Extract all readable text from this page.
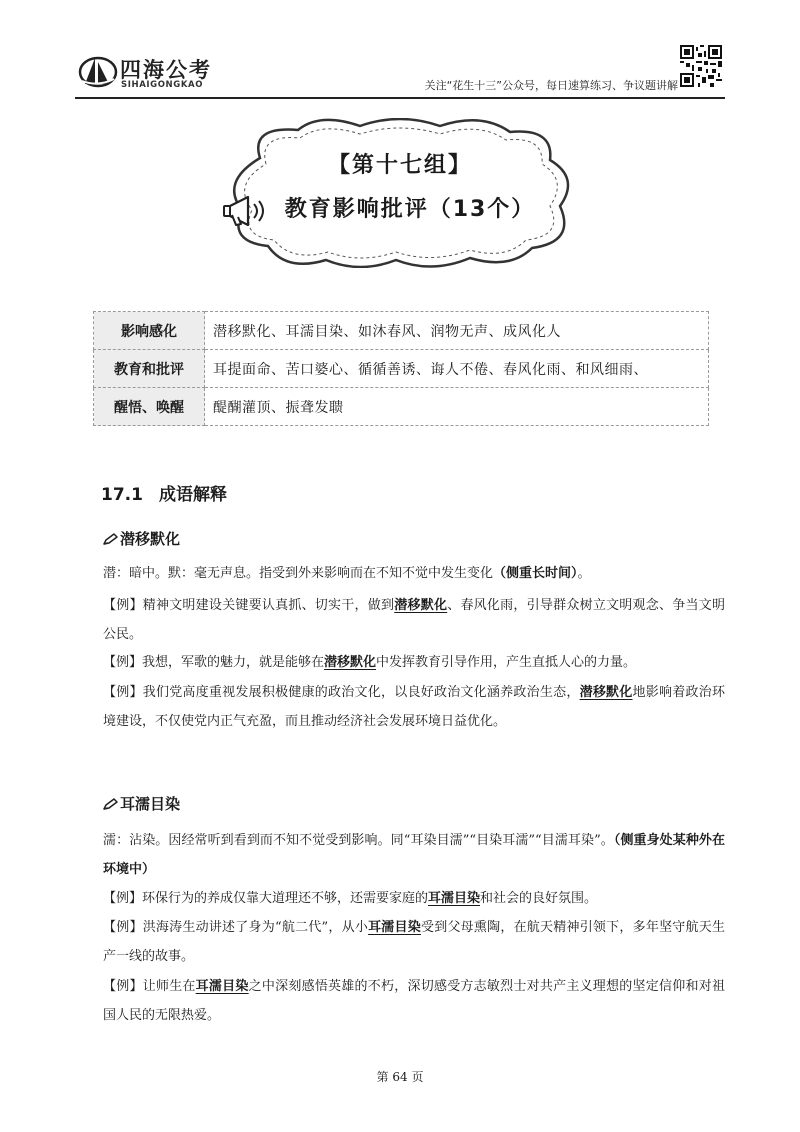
四海公考
SIHAIGONGKAO	关注“花生十三”公众号，每日速算练习、争议题讲解
【第十七组】
教育影响批评（13个）
影响感化	潜移默化、耳濡目染、如沐春风、润物无声、成风化人
教育和批评	耳提面命、苦口婆心、循循善诱、诲人不倦、春风化雨、和风细雨、
醒悟、唤醒	醍醐灌顶、振聋发聩
17.1 成语解释
潜移默化
潜：暗中。默：毫无声息。指受到外来影响而在不知不觉中发生变化（侧重长时间）。
【例】精神文明建设关键要认真抓、切实干，做到潜移默化、春风化雨，引导群众树立文明观念、争当文明公民。
【例】我想，军歌的魅力，就是能够在潜移默化中发挥教育引导作用，产生直抵人心的力量。
【例】我们党高度重视发展积极健康的政治文化，以良好政治文化涵养政治生态，潜移默化地影响着政治环境建设，不仅使党内正气充盈，而且推动经济社会发展环境日益优化。
耳濡目染
濡：沾染。因经常听到看到而不知不觉受到影响。同“耳染目濡”“目染耳濡”“目濡耳染”。（侧重身处某种外在环境中）
【例】环保行为的养成仅靠大道理还不够，还需要家庭的耳濡目染和社会的良好氛围。
【例】洪海涛生动讲述了身为“航二代”，从小耳濡目染受到父母熏陶，在航天精神引领下，多年坚守航天生产一线的故事。
【例】让师生在耳濡目染之中深刻感悟英雄的不朽，深切感受方志敏烈士对共产主义理想的坚定信仰和对祖国人民的无限热爱。
第 64 页
